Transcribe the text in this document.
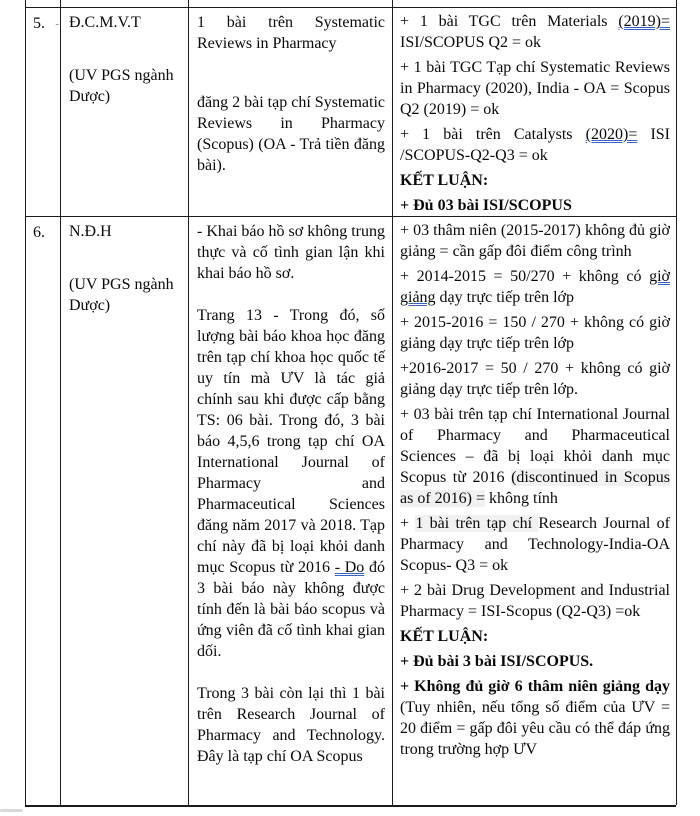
5. - Đ.C.M.V.T
(UV PGS ngành Dược)
1 bài trên Systematic Reviews in Pharmacy
đăng 2 bài tạp chí Systematic Reviews in Pharmacy (Scopus) (OA - Trả tiền đăng bài).
+ 1 bài TGC trên Materials (2019)= ISI/SCOPUS Q2 = ok
+ 1 bài TGC Tạp chí Systematic Reviews in Pharmacy (2020), India - OA = Scopus Q2 (2019) = ok
+ 1 bài trên Catalysts (2020)= ISI /SCOPUS-Q2-Q3 = ok
KẾT LUẬN:
+ Đủ 03 bài ISI/SCOPUS
6.	N.Đ.H
(UV PGS ngành Dược)
- Khai báo hồ sơ không trung thực và cố tình gian lận khi khai báo hồ sơ.
Trang 13 - Trong đó, số lượng bài báo khoa học đăng trên tạp chí khoa học quốc tế uy tín mà ƯV là tác giả chính sau khi được cấp bằng TS: 06 bài. Trong đó, 3 bài báo 4,5,6 trong tạp chí OA International Journal of Pharmacy and Pharmaceutical Sciences đăng năm 2017 và 2018. Tạp chí này đã bị loại khỏi danh mục Scopus từ 2016 - Do đó 3 bài báo này không được tính đến là bài báo scopus và ứng viên đã cố tình khai gian dối.
Trong 3 bài còn lại thì 1 bài trên Research Journal of Pharmacy and Technology. Đây là tạp chí OA Scopus
+ 03 thâm niên (2015-2017) không đủ giờ giảng = cần gấp đôi điểm công trình
+ 2014-2015 = 50/270 + không có giờ giảng dạy trực tiếp trên lớp
+ 2015-2016 = 150 / 270 + không có giờ giảng dạy trực tiếp trên lớp
+2016-2017 = 50 / 270 + không có giờ giảng dạy trực tiếp trên lớp.
+ 03 bài trên tạp chí International Journal of Pharmacy and Pharmaceutical Sciences – đã bị loại khỏi danh mục Scopus từ 2016 (discontinued in Scopus as of 2016) = không tính
+ 1 bài trên tạp chí Research Journal of Pharmacy and Technology-India-OA Scopus- Q3 = ok
+ 2 bài Drug Development and Industrial Pharmacy = ISI-Scopus (Q2-Q3) =ok
KẾT LUẬN:
+ Đủ bài 3 bài ISI/SCOPUS.
+ Không đủ giờ 6 thâm niên giảng dạy (Tuy nhiên, nếu tổng số điểm của ƯV = 20 điểm = gấp đôi yêu cầu có thể đáp ứng trong trường hợp ƯV
